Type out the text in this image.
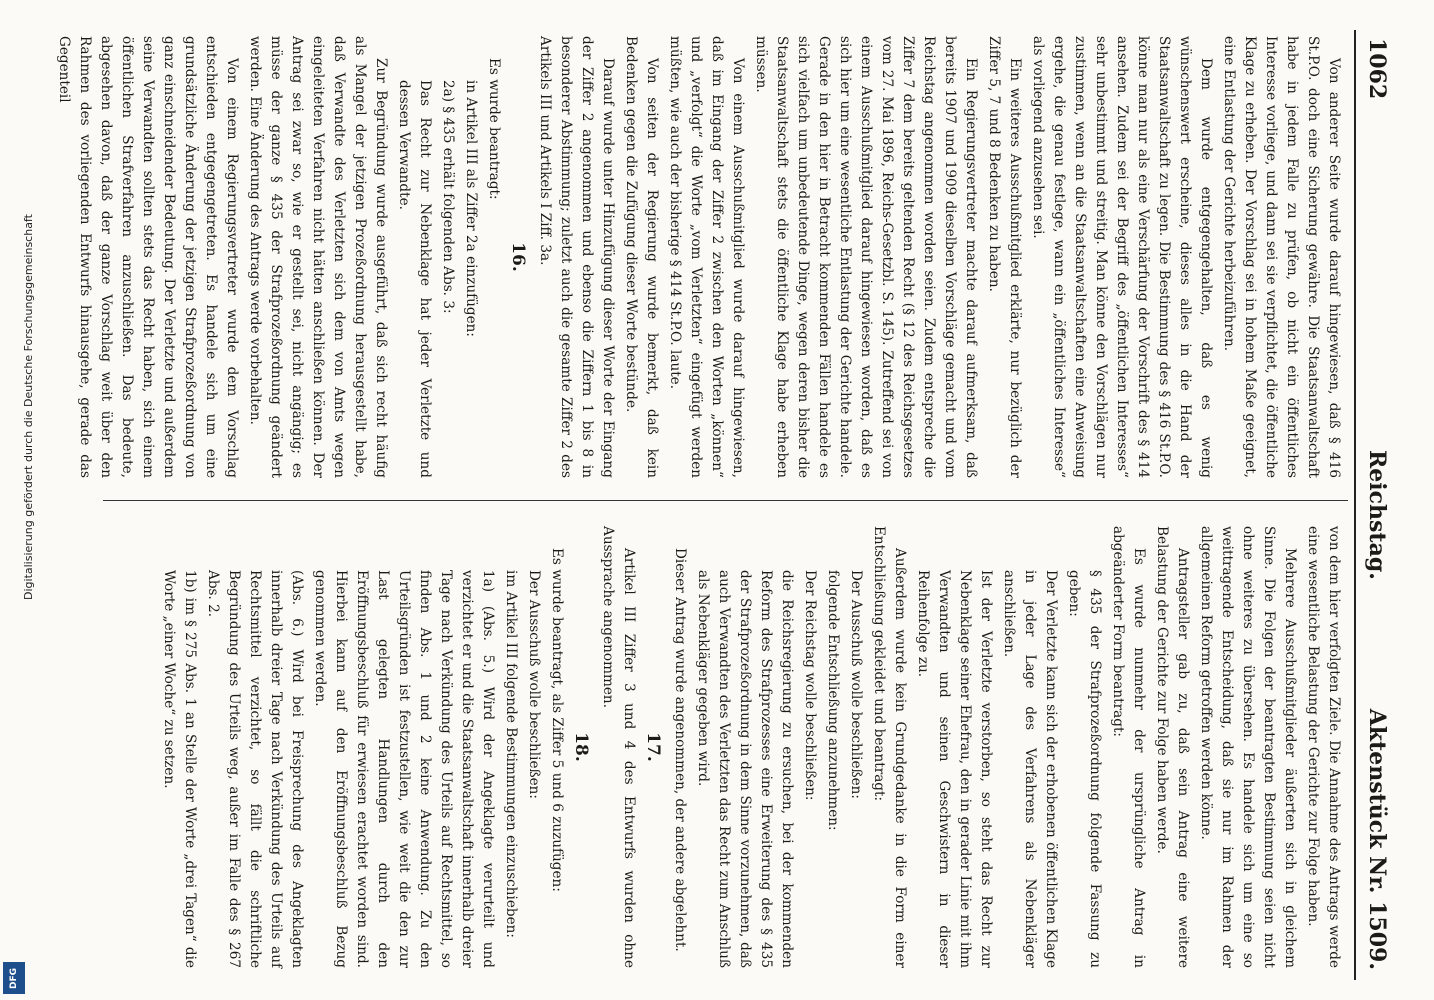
Digitalisierung gefördert durch die Deutsche Forschungsgemeinschaft
DFG
1062
Reichstag.
Aktenstück Nr. 1509.

Von anderer Seite wurde darauf hingewiesen, daß § 416 St.P.O. doch eine Sicherung gewähre. Die Staatsanwaltschaft habe in jedem Falle zu prüfen, ob nicht ein öffentliches Interesse vorliege, und dann sei sie verpflichtet, die öffentliche Klage zu erheben. Der Vorschlag sei in hohem Maße geeignet, eine Entlastung der Gerichte herbeizuführen.

Dem wurde entgegengehalten, daß es wenig wünschenswert erscheine, dieses alles in die Hand der Staatsanwaltschaft zu legen. Die Bestimmung des § 416 St.P.O. könne man nur als eine Verschärfung der Vorschrift des § 414 ansehen. Zudem sei der Begriff des „öffentlichen Interesses“ sehr unbestimmt und streitig. Man könne den Vorschlägen nur zustimmen, wenn an die Staatsanwaltschaften eine Anweisung ergehe, die genau festlege, wann ein „öffentliches Interesse“ als vorliegend anzusehen sei.

Ein weiteres Ausschußmitglied erklärte, nur bezüglich der Ziffer 5, 7 und 8 Bedenken zu haben.

Ein Regierungsvertreter machte darauf aufmerksam, daß bereits 1907 und 1909 dieselben Vorschläge gemacht und vom Reichstag angenommen worden seien. Zudem entspreche die Ziffer 7 dem bereits geltenden Recht (§ 12 des Reichsgesetzes vom 27. Mai 1896, Reichs-Gesetzbl. S. 145). Zutreffend sei von einem Ausschußmitglied darauf hingewiesen worden, daß es sich hier um eine wesentliche Entlastung der Gerichte handele. Gerade in den hier in Betracht kommenden Fällen handele es sich vielfach um unbedeutende Dinge, wegen deren bisher die Staatsanwaltschaft stets die öffentliche Klage habe erheben müssen.

Von einem Ausschußmitglied wurde darauf hingewiesen, daß im Eingang der Ziffer 2 zwischen den Worten „können“ und „verfolgt“ die Worte „vom Verletzten“ eingefügt werden müßten, wie auch der bisherige § 414 St.P.O. laute.

Von seiten der Regierung wurde bemerkt, daß kein Bedenken gegen die Zufügung dieser Worte bestünde.

Darauf wurde unter Hinzufügung dieser Worte der Eingang der Ziffer 2 angenommen und ebenso die Ziffern 1 bis 8 in besonderer Abstimmung; zuletzt auch die gesamte Ziffer 2 des Artikels III und Artikels I Ziff. 3a.

16.

Es wurde beantragt:

in Artikel III als Ziffer 2a einzufügen:

2a) § 435 erhält folgenden Abs. 3:

Das Recht zur Nebenklage hat jeder Verletzte und dessen Verwandte.

Zur Begründung wurde ausgeführt, daß sich recht häufig als Mangel der jetzigen Prozeßordnung herausgestellt habe, daß Verwandte des Verletzten sich dem von Amts wegen eingeleiteten Verfahren nicht hätten anschließen können. Der Antrag sei zwar so, wie er gestellt sei, nicht angängig; es müsse der ganze § 435 der Strafprozeßordnung geändert werden. Eine Änderung des Antrags werde vorbehalten.

Von einem Regierungsvertreter wurde dem Vorschlag entschieden entgegengetreten. Es handele sich um eine grundsätzliche Änderung der jetzigen Strafprozeßordnung von ganz einschneidender Bedeutung. Der Verletzte und außerdem seine Verwandten sollten stets das Recht haben, sich einem öffentlichen Strafverfahren anzuschließen. Das bedeute, abgesehen davon, daß der ganze Vorschlag weit über den Rahmen des vorliegenden Entwurfs hinausgehe, gerade das Gegenteil

von dem hier verfolgten Ziele. Die Annahme des Antrags werde eine wesentliche Belastung der Gerichte zur Folge haben.

Mehrere Ausschußmitglieder äußerten sich in gleichem Sinne. Die Folgen der beantragten Bestimmung seien nicht ohne weiteres zu übersehen. Es handele sich um eine so weittragende Entscheidung, daß sie nur im Rahmen der allgemeinen Reform getroffen werden könne.

Antragsteller gab zu, daß sein Antrag eine weitere Belastung der Gerichte zur Folge haben werde.

Es wurde nunmehr der ursprüngliche Antrag in abgeänderter Form beantragt:

§ 435 der Strafprozeßordnung folgende Fassung zu geben:

Der Verletzte kann sich der erhobenen öffentlichen Klage in jeder Lage des Verfahrens als Nebenkläger anschließen.

Ist der Verletzte verstorben, so steht das Recht zur Nebenklage seiner Ehefrau, den in gerader Linie mit ihm Verwandten und seinen Geschwistern in dieser Reihenfolge zu.

Außerdem wurde kein Grundgedanke in die Form einer Entschließung gekleidet und beantragt:

Der Ausschuß wolle beschließen:

folgende Entschließung anzunehmen:

Der Reichstag wolle beschließen:

die Reichsregierung zu ersuchen, bei der kommenden Reform des Strafprozesses eine Erweiterung des § 435 der Strafprozeßordnung in dem Sinne vorzunehmen, daß auch Verwandten des Verletzten das Recht zum Anschluß als Nebenkläger gegeben wird.

Dieser Antrag wurde angenommen, der andere abgelehnt.

17.

Artikel III Ziffer 3 und 4 des Entwurfs wurden ohne Aussprache angenommen.

18.

Es wurde beantragt, als Ziffer 5 und 6 zuzufügen:

Der Ausschuß wolle beschließen:

im Artikel III folgende Bestimmungen einzuschieben:

1a) (Abs. 5.) Wird der Angeklagte verurteilt und verzichtet er und die Staatsanwaltschaft innerhalb dreier Tage nach Verkündung des Urteils auf Rechtsmittel, so finden Abs. 1 und 2 keine Anwendung. Zu den Urteilsgründen ist festzustellen, wie weit die den zur Last gelegten Handlungen durch den Eröffnungsbeschluß für erwiesen erachtet worden sind. Hierbei kann auf den Eröffnungsbeschluß Bezug genommen werden.

(Abs. 6.) Wird bei Freisprechung des Angeklagten innerhalb dreier Tage nach Verkündung des Urteils auf Rechtsmittel verzichtet, so fällt die schriftliche Begründung des Urteils weg, außer im Falle des § 267 Abs. 2.

1b) im § 275 Abs. 1 an Stelle der Worte „drei Tagen“ die Worte „einer Woche“ zu setzen.
